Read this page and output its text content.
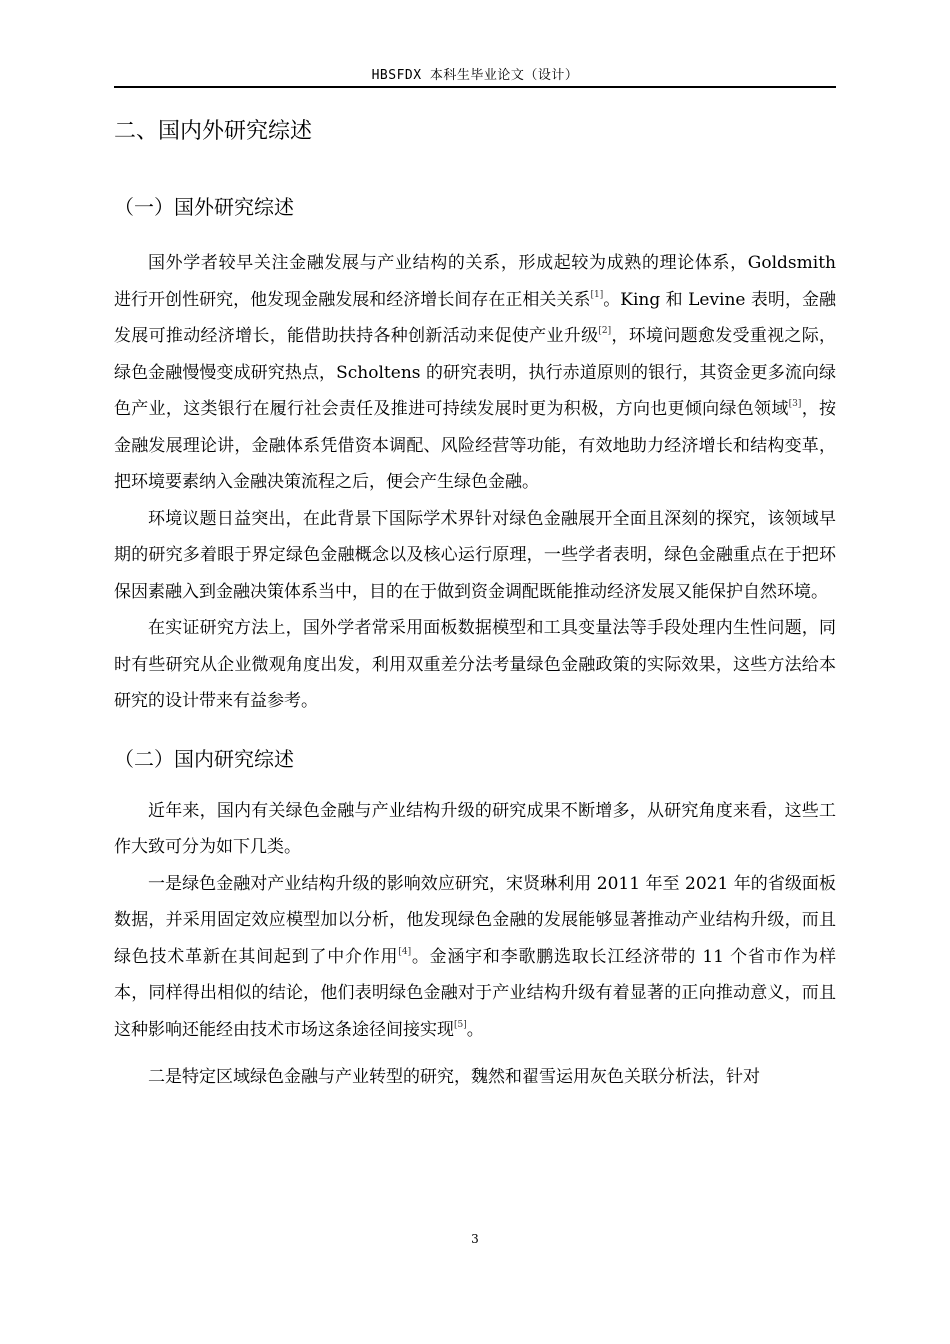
HBSFDX 本科生毕业论文（设计）
二、国内外研究综述
（一）国外研究综述

国外学者较早关注金融发展与产业结构的关系，形成起较为成熟的理论体系，Goldsmith 进行开创性研究，他发现金融发展和经济增长间存在正相关关系[1]。King 和 Levine 表明，金融发展可推动经济增长，能借助扶持各种创新活动来促使产业升级[2]，环境问题愈发受重视之际，绿色金融慢慢变成研究热点，Scholtens 的研究表明，执行赤道原则的银行，其资金更多流向绿色产业，这类银行在履行社会责任及推进可持续发展时更为积极，方向也更倾向绿色领域[3]，按金融发展理论讲，金融体系凭借资本调配、风险经营等功能，有效地助力经济增长和结构变革，把环境要素纳入金融决策流程之后，便会产生绿色金融。

环境议题日益突出，在此背景下国际学术界针对绿色金融展开全面且深刻的探究，该领域早期的研究多着眼于界定绿色金融概念以及核心运行原理，一些学者表明，绿色金融重点在于把环保因素融入到金融决策体系当中，目的在于做到资金调配既能推动经济发展又能保护自然环境。

在实证研究方法上，国外学者常采用面板数据模型和工具变量法等手段处理内生性问题，同时有些研究从企业微观角度出发，利用双重差分法考量绿色金融政策的实际效果，这些方法给本研究的设计带来有益参考。

（二）国内研究综述

近年来，国内有关绿色金融与产业结构升级的研究成果不断增多，从研究角度来看，这些工作大致可分为如下几类。

一是绿色金融对产业结构升级的影响效应研究，宋贤琳利用 2011 年至 2021 年的省级面板数据，并采用固定效应模型加以分析，他发现绿色金融的发展能够显著推动产业结构升级，而且绿色技术革新在其间起到了中介作用[4]。金涵宇和李歌鹏选取长江经济带的 11 个省市作为样本，同样得出相似的结论，他们表明绿色金融对于产业结构升级有着显著的正向推动意义，而且这种影响还能经由技术市场这条途径间接实现[5]。

二是特定区域绿色金融与产业转型的研究，魏然和翟雪运用灰色关联分析法，针对

3
